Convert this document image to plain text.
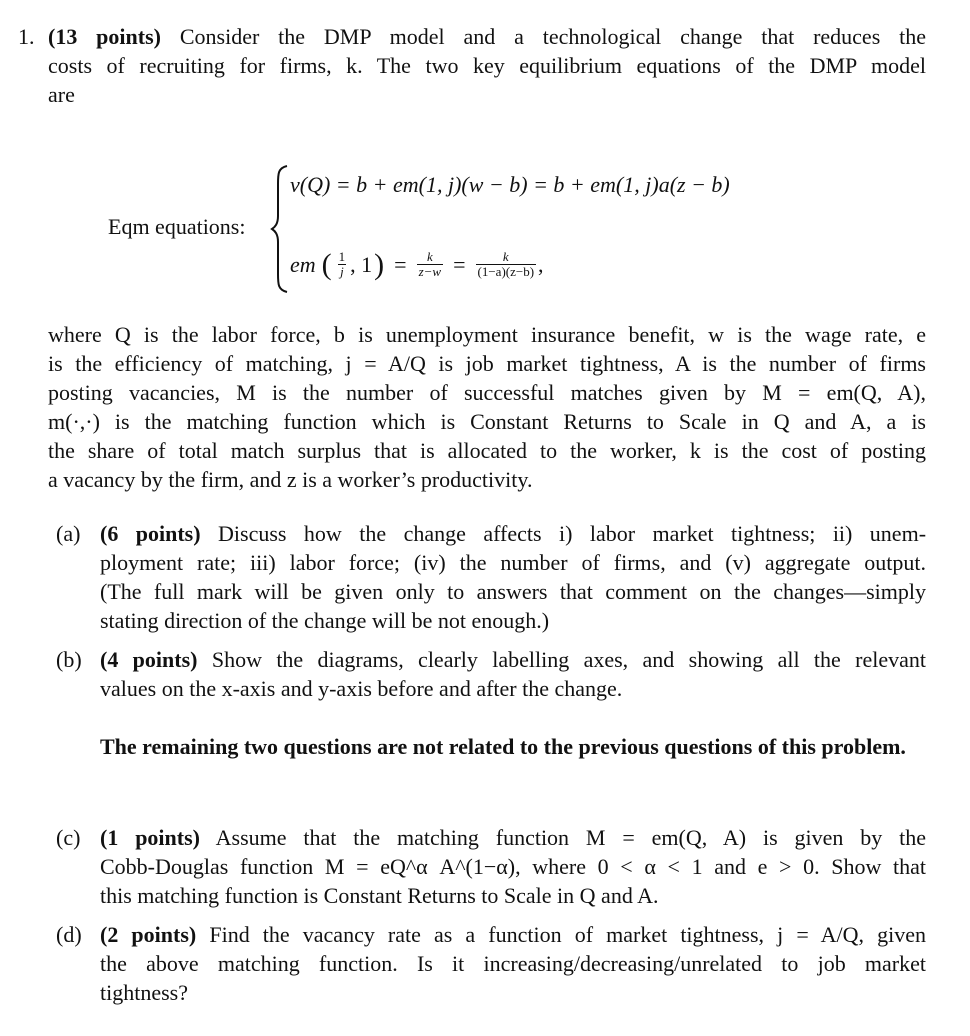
1. (13 points) Consider the DMP model and a technological change that reduces the
costs of recruiting for firms, k. The two key equilibrium equations of the DMP model
are
Eqm equations:
v(Q) = b + em(1, j)(w − b) = b + em(1, j)a(z − b)
em ( $\frac{1}{j}$ , 1 ) = $\frac{k}{z-w} = \frac{k}{(1-a)(z-b)}$ ,
where Q is the labor force, b is unemployment insurance benefit, w is the wage rate, e
is the efficiency of matching, j = A/Q is job market tightness, A is the number of firms
posting vacancies, M is the number of successful matches given by M = em(Q, A),
m(·,·) is the matching function which is Constant Returns to Scale in Q and A, a is
the share of total match surplus that is allocated to the worker, k is the cost of posting
a vacancy by the firm, and z is a worker’s productivity.
(a) (6 points) Discuss how the change affects i) labor market tightness; ii) unem-
ployment rate; iii) labor force; (iv) the number of firms, and (v) aggregate output.
(The full mark will be given only to answers that comment on the changes—simply
stating direction of the change will be not enough.)
(b) (4 points) Show the diagrams, clearly labelling axes, and showing all the relevant
values on the x-axis and y-axis before and after the change.
The remaining two questions are not related to the previous questions of this problem.
(c) (1 points) Assume that the matching function M = em(Q, A) is given by the
Cobb-Douglas function M = eQ^α A^(1−α), where 0 < α < 1 and e > 0. Show that
this matching function is Constant Returns to Scale in Q and A.
(d) (2 points) Find the vacancy rate as a function of market tightness, j = A/Q, given
the above matching function. Is it increasing/decreasing/unrelated to job market
tightness?
